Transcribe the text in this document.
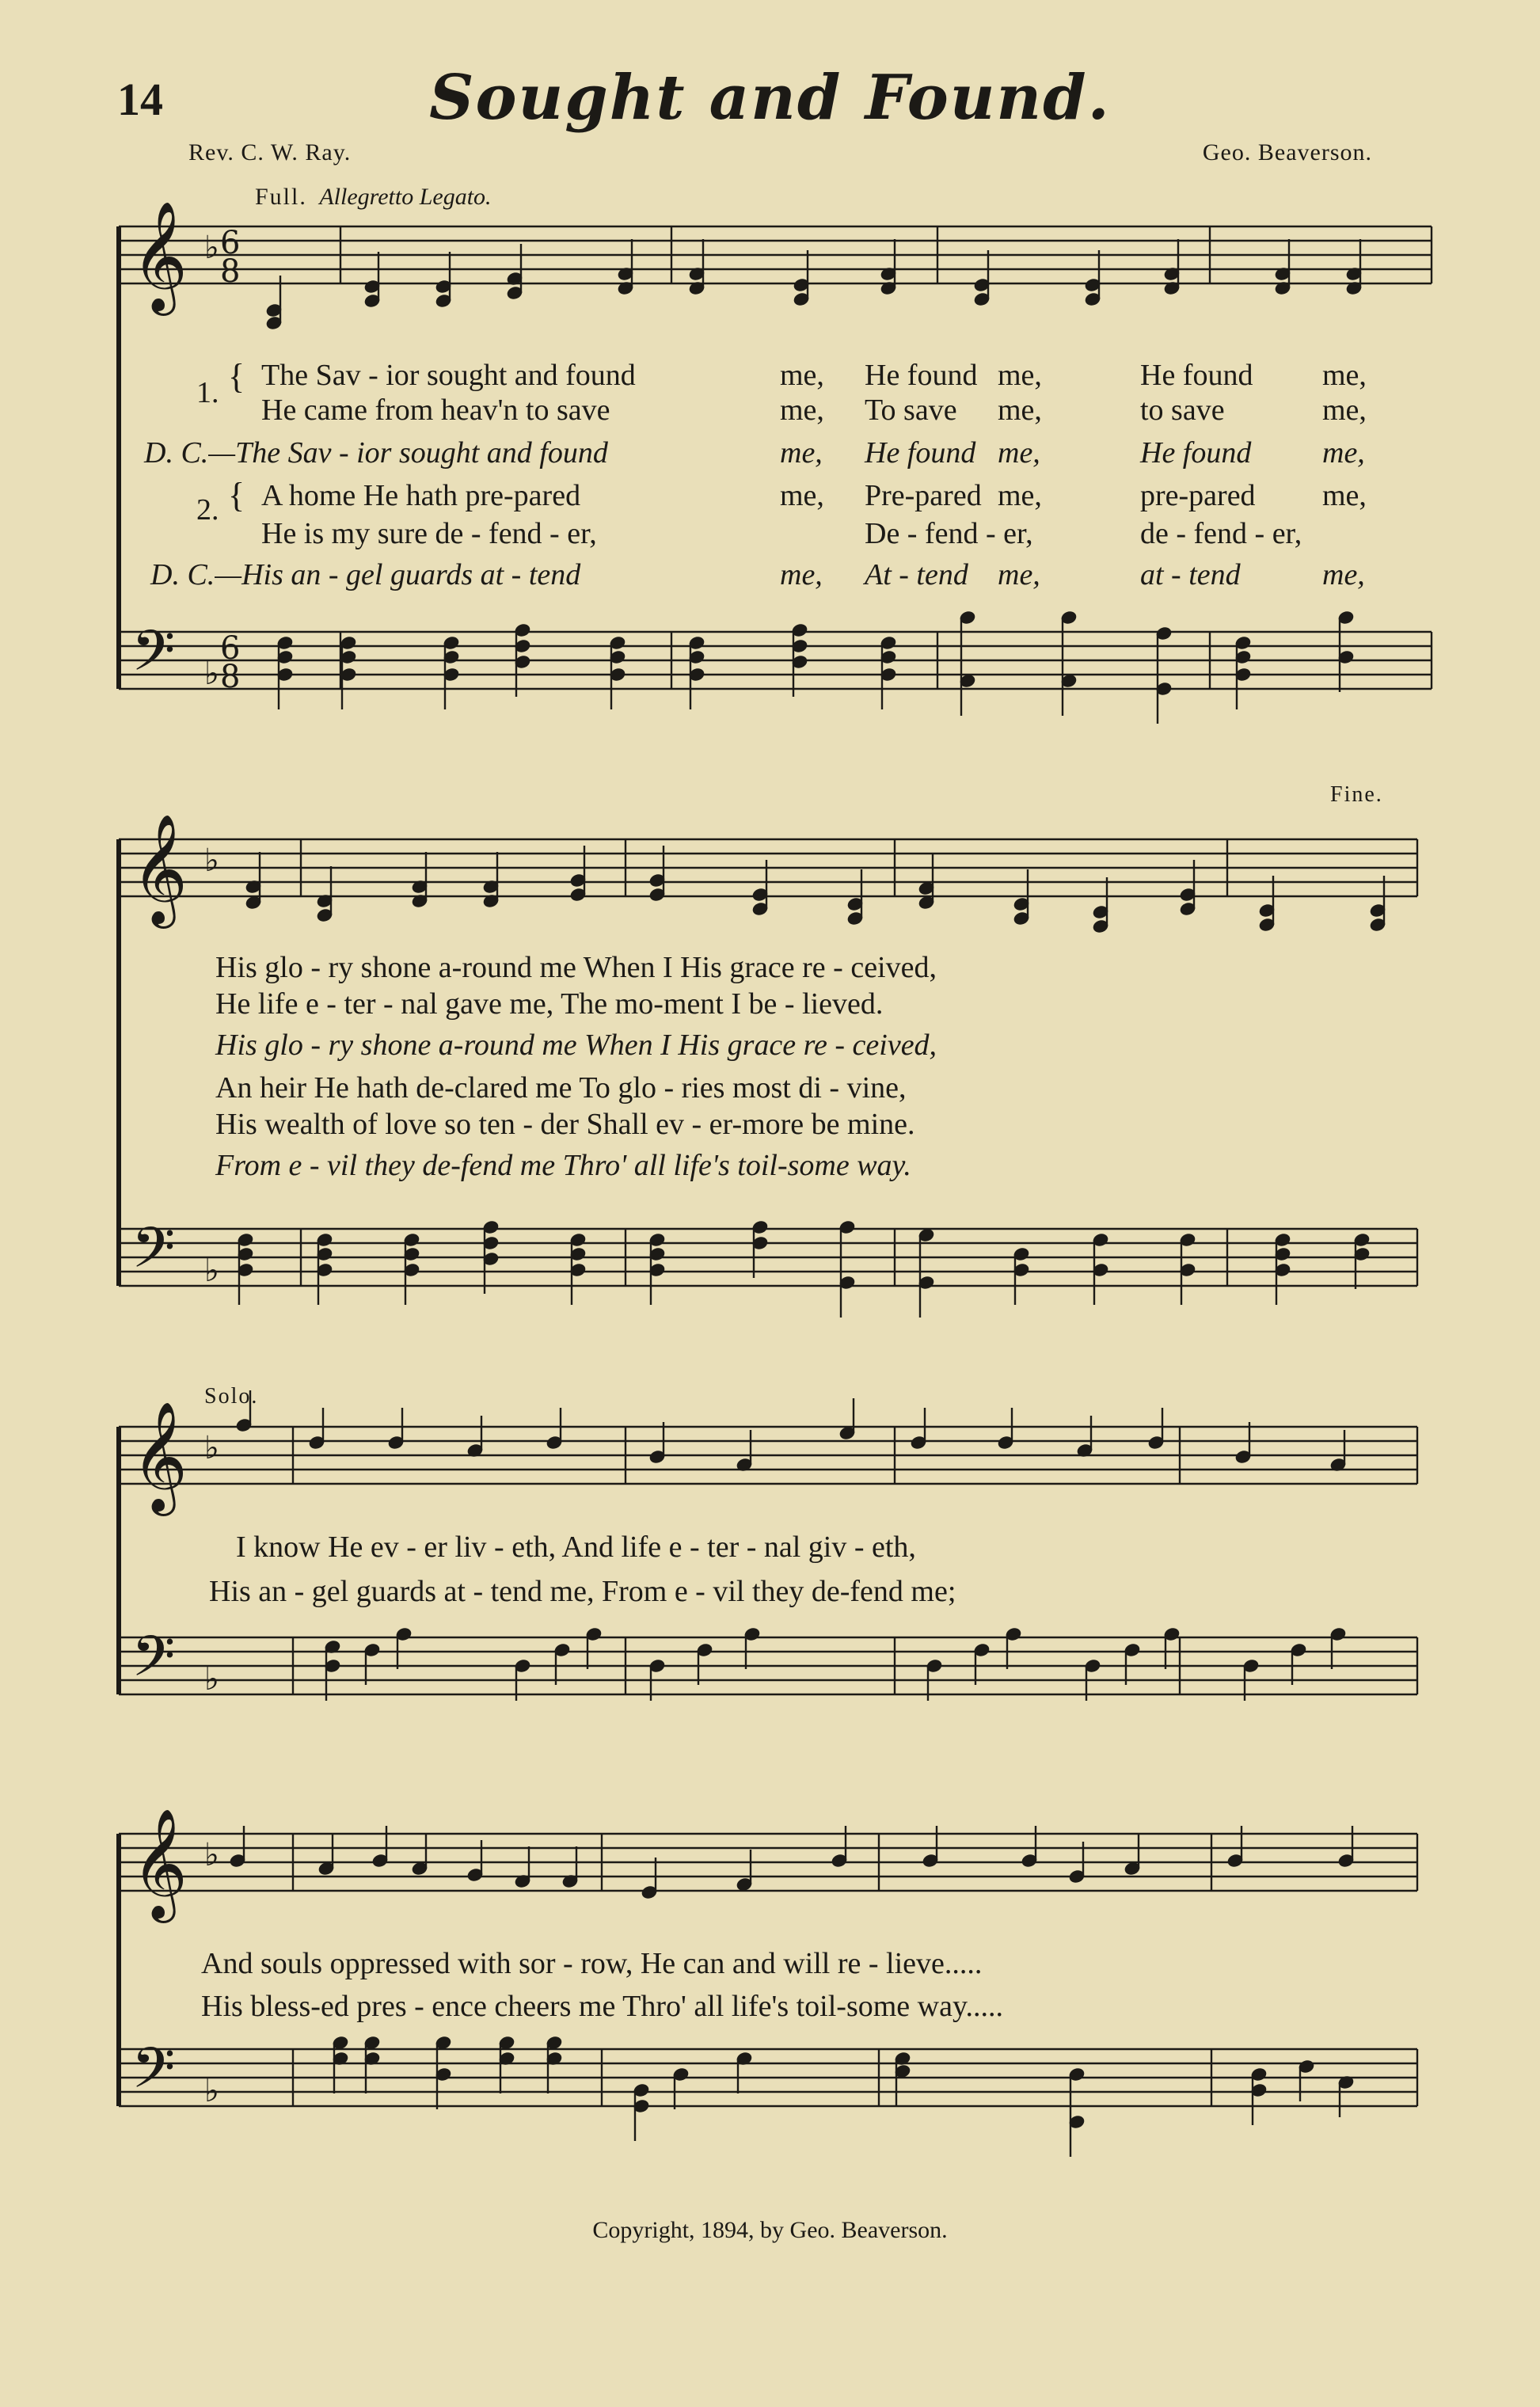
14	Sought and Found.
Rev. C. W. Ray.	Geo. Beaverson.
Full. Allegretto Legato.
Fine.
Solo.
Copyright, 1894, by Geo. Beaverson.
𝄞
𝄢
♭
♭
6
8
6
8
𝄞
𝄢
♭
♭
𝄞
𝄢
♭
♭
𝄞
𝄢
♭
♭
1.
2.
{
{
The Sav - ior sought and found	me, He found me,	He found me,
He came from heav'n to save	me, To save me,	to save	me,
D. C.—The Sav - ior sought and found	me, He found me,	He found me,
A home He hath pre-pared	me, Pre-pared me,	pre-pared me,
He is my sure de - fend - er,	De - fend - er,	de - fend - er,
D. C.—His an - gel guards at - tend	me, At - tend me,	at - tend	me,
His glo - ry shone a-round me When I His grace re - ceived,
He life e - ter - nal gave me, The mo-ment I be - lieved.
His glo - ry shone a-round me When I His grace re - ceived,
An heir He hath de-clared me To glo - ries most di - vine,
His wealth of love so ten - der Shall ev - er-more be mine.
From e - vil they de-fend me Thro' all life's toil-some way.
I know He ev - er liv - eth, And life e - ter - nal giv - eth,
His an - gel guards at - tend me, From e - vil they de-fend me;
And souls oppressed with sor - row, He can and will re - lieve.....
His bless-ed pres - ence cheers me Thro' all life's toil-some way.....
